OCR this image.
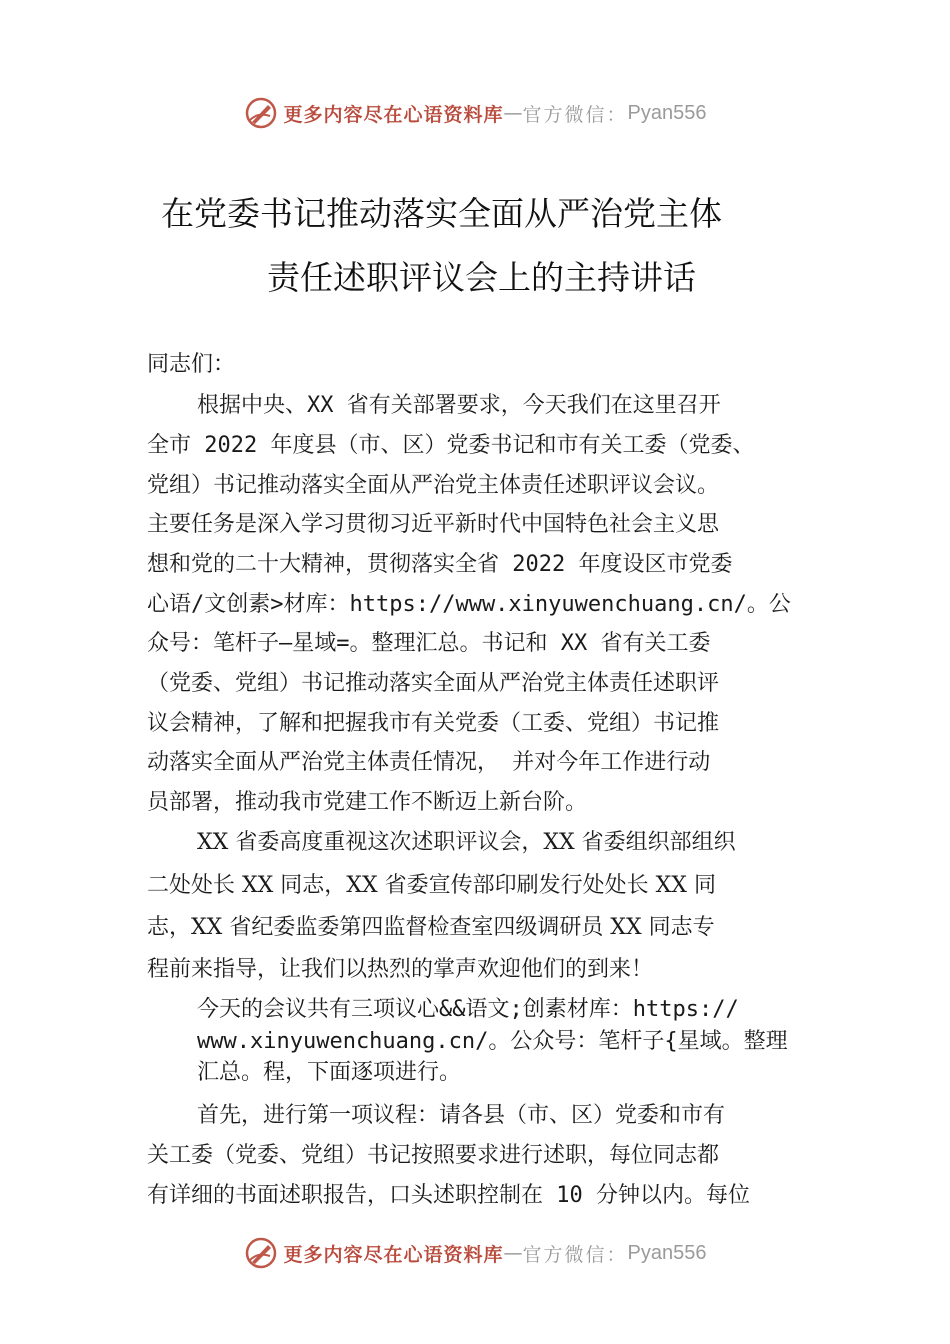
更多内容尽在心语资料库 — 官方微信： Pyan556
在党委书记推动落实全面从严治党主体
责任述职评议会上的主持讲话
同志们：
根据中央、XX 省有关部署要求，今天我们在这里召开
全市 2022 年度县（市、区）党委书记和市有关工委（党委、
党组）书记推动落实全面从严治党主体责任述职评议会议。
主要任务是深入学习贯彻习近平新时代中国特色社会主义思
想和党的二十大精神，贯彻落实全省 2022 年度设区市党委
心语/文创素>材库：https://www.xinyuwenchuang.cn/。公
众号：笔杆子—星域=。整理汇总。书记和 XX 省有关工委
（党委、党组）书记推动落实全面从严治党主体责任述职评
议会精神，了解和把握我市有关党委（工委、党组）书记推
动落实全面从严治党主体责任情况， 并对今年工作进行动
员部署，推动我市党建工作不断迈上新台阶。
XX 省委高度重视这次述职评议会，XX 省委组织部组织
二处处长 XX 同志，XX 省委宣传部印刷发行处处长 XX 同
志，XX 省纪委监委第四监督检查室四级调研员 XX 同志专
程前来指导，让我们以热烈的掌声欢迎他们的到来！
今天的会议共有三项议心&&语文;创素材库：https://
www.xinyuwenchuang.cn/。公众号：笔杆子{星域。整理
汇总。程，下面逐项进行。
首先，进行第一项议程：请各县（市、区）党委和市有
关工委（党委、党组）书记按照要求进行述职，每位同志都
有详细的书面述职报告，口头述职控制在 10 分钟以内。每位
更多内容尽在心语资料库 — 官方微信： Pyan556
